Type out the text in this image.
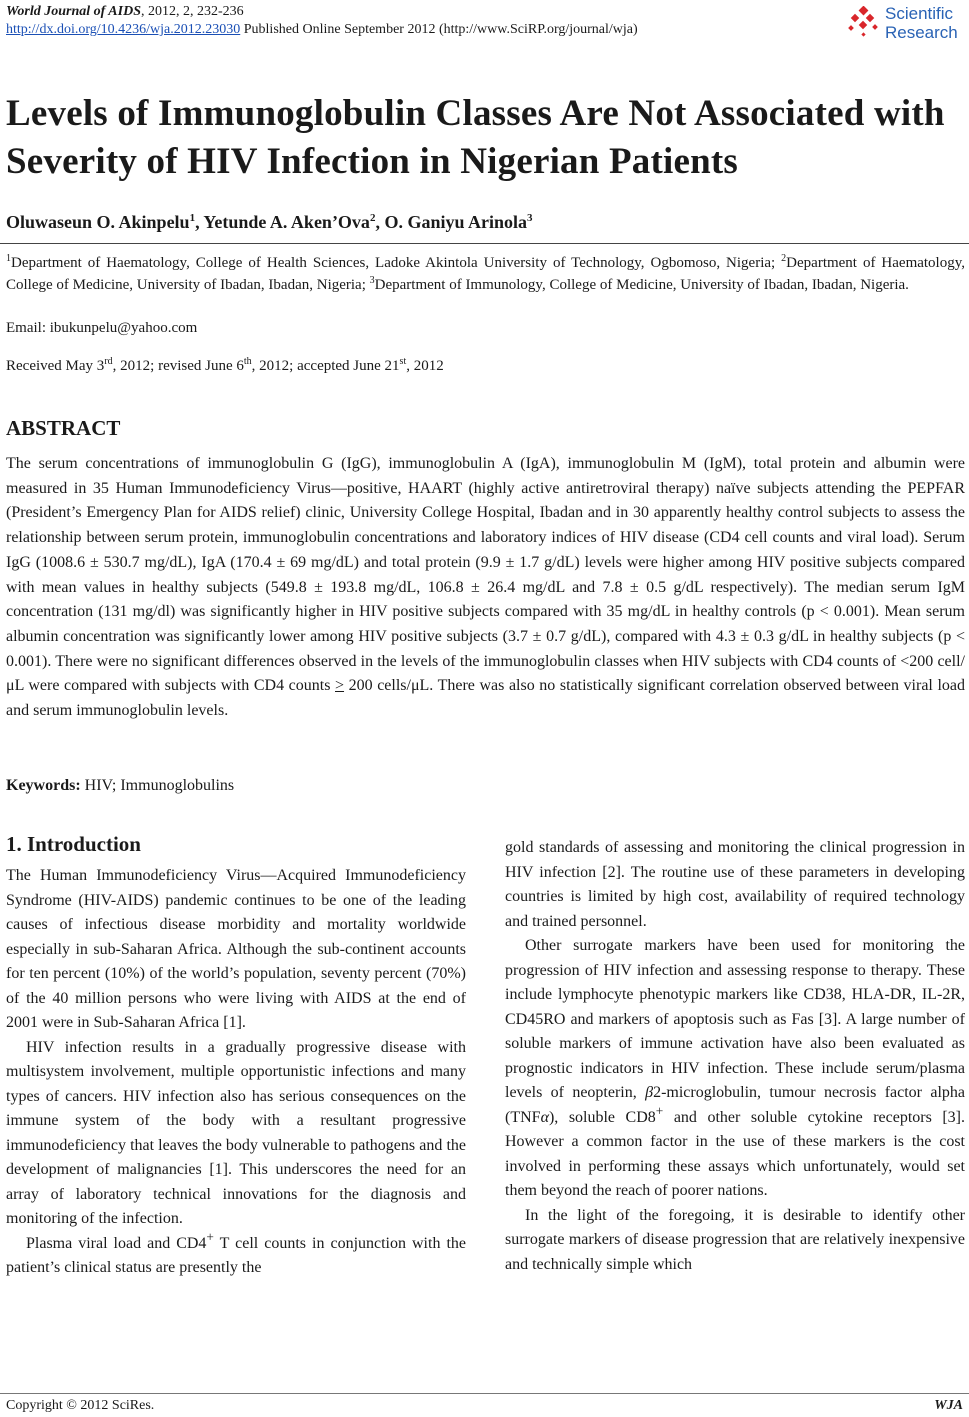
World Journal of AIDS, 2012, 2, 232-236
http://dx.doi.org/10.4236/wja.2012.23030 Published Online September 2012 (http://www.SciRP.org/journal/wja)
Scientific
Research
Levels of Immunoglobulin Classes Are Not Associated with Severity of HIV Infection in Nigerian Patients
Oluwaseun O. Akinpelu$^1$, Yetunde A. Aken’Ova$^2$, O. Ganiyu Arinola$^3$
$^1$Department of Haematology, College of Health Sciences, Ladoke Akintola University of Technology, Ogbomoso, Nigeria; $^2$Department of Haematology, College of Medicine, University of Ibadan, Ibadan, Nigeria; $^3$Department of Immunology, College of Medicine, University of Ibadan, Ibadan, Nigeria.
Email: ibukunpelu@yahoo.com
Received May 3rd, 2012; revised June 6th, 2012; accepted June 21st, 2012
ABSTRACT
The serum concentrations of immunoglobulin G (IgG), immunoglobulin A (IgA), immunoglobulin M (IgM), total protein and albumin were measured in 35 Human Immunodeficiency Virus—positive, HAART (highly active antiretroviral therapy) naïve subjects attending the PEPFAR (President’s Emergency Plan for AIDS relief) clinic, University College Hospital, Ibadan and in 30 apparently healthy control subjects to assess the relationship between serum protein, immunoglobulin concentrations and laboratory indices of HIV disease (CD4 cell counts and viral load). Serum IgG (1008.6 ± 530.7 mg/dL), IgA (170.4 ± 69 mg/dL) and total protein (9.9 ± 1.7 g/dL) levels were higher among HIV positive subjects compared with mean values in healthy subjects (549.8 ± 193.8 mg/dL, 106.8 ± 26.4 mg/dL and 7.8 ± 0.5 g/dL respectively). The median serum IgM concentration (131 mg/dl) was significantly higher in HIV positive subjects compared with 35 mg/dL in healthy controls (p < 0.001). Mean serum albumin concentration was significantly lower among HIV positive subjects (3.7 ± 0.7 g/dL), compared with 4.3 ± 0.3 g/dL in healthy subjects (p < 0.001). There were no significant differences observed in the levels of the immunoglobulin classes when HIV subjects with CD4 counts of <200 cell/μL were compared with subjects with CD4 counts ≥ 200 cells/μL. There was also no statistically significant correlation observed between viral load and serum immunoglobulin levels.
Keywords: HIV; Immunoglobulins
1. Introduction

The Human Immunodeficiency Virus—Acquired Immunodeficiency Syndrome (HIV-AIDS) pandemic continues to be one of the leading causes of infectious disease morbidity and mortality worldwide especially in sub-Saharan Africa. Although the sub-continent accounts for ten percent (10%) of the world’s population, seventy percent (70%) of the 40 million persons who were living with AIDS at the end of 2001 were in Sub-Saharan Africa [1].

HIV infection results in a gradually progressive disease with multisystem involvement, multiple opportunistic infections and many types of cancers. HIV infection also has serious consequences on the immune system of the body with a resultant progressive immunodeficiency that leaves the body vulnerable to pathogens and the development of malignancies [1]. This underscores the need for an array of laboratory technical innovations for the diagnosis and monitoring of the infection.

Plasma viral load and CD4+ T cell counts in conjunction with the patient’s clinical status are presently the

gold standards of assessing and monitoring the clinical progression in HIV infection [2]. The routine use of these parameters in developing countries is limited by high cost, availability of required technology and trained personnel.

Other surrogate markers have been used for monitoring the progression of HIV infection and assessing response to therapy. These include lymphocyte phenotypic markers like CD38, HLA-DR, IL-2R, CD45RO and markers of apoptosis such as Fas [3]. A large number of soluble markers of immune activation have also been evaluated as prognostic indicators in HIV infection. These include serum/plasma levels of neopterin, β2-microglobulin, tumour necrosis factor alpha (TNFα), soluble CD8+ and other soluble cytokine receptors [3]. However a common factor in the use of these markers is the cost involved in performing these assays which unfortunately, would set them beyond the reach of poorer nations.

In the light of the foregoing, it is desirable to identify other surrogate markers of disease progression that are relatively inexpensive and technically simple which

Copyright © 2012 SciRes.	WJA
